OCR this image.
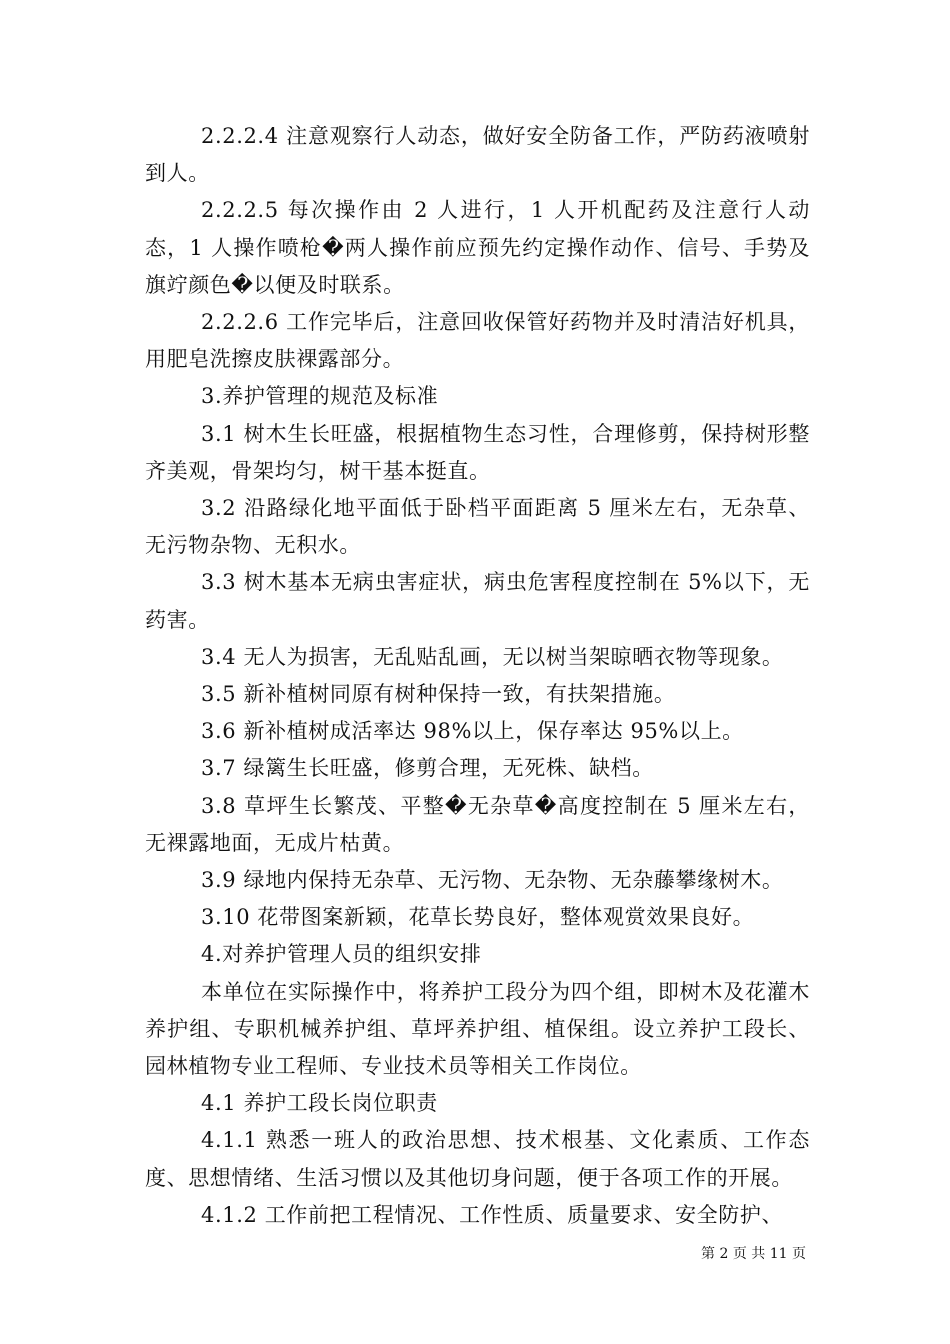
2.2.2.4 注意观察行人动态，做好安全防备工作，严防药液喷射到人。

2.2.2.5 每次操作由 2 人进行，1 人开机配药及注意行人动态，1 人操作喷枪�两人操作前应预先约定操作动作、信号、手势及旗竚颜色�以便及时联系。

2.2.2.6 工作完毕后，注意回收保管好药物并及时清洁好机具，用肥皂洗擦皮肤裸露部分。

3.养护管理的规范及标准

3.1 树木生长旺盛，根据植物生态习性，合理修剪，保持树形整齐美观，骨架均匀，树干基本挺直。

3.2 沿路绿化地平面低于卧档平面距离 5 厘米左右，无杂草、无污物杂物、无积水。

3.3 树木基本无病虫害症状，病虫危害程度控制在 5%以下，无药害。

3.4 无人为损害，无乱贴乱画，无以树当架晾晒衣物等现象。

3.5 新补植树同原有树种保持一致，有扶架措施。

3.6 新补植树成活率达 98%以上，保存率达 95%以上。

3.7 绿篱生长旺盛，修剪合理，无死株、缺档。

3.8 草坪生长繁茂、平整�无杂草�高度控制在 5 厘米左右，无裸露地面，无成片枯黄。

3.9 绿地内保持无杂草、无污物、无杂物、无杂藤攀缘树木。

3.10 花带图案新颖，花草长势良好，整体观赏效果良好。

4.对养护管理人员的组织安排

本单位在实际操作中，将养护工段分为四个组，即树木及花灌木养护组、专职机械养护组、草坪养护组、植保组。设立养护工段长、园林植物专业工程师、专业技术员等相关工作岗位。

4.1 养护工段长岗位职责

4.1.1 熟悉一班人的政治思想、技术根基、文化素质、工作态度、思想情绪、生活习惯以及其他切身问题，便于各项工作的开展。

4.1.2 工作前把工程情况、工作性质、质量要求、安全防护、

第 2 页 共 11 页
